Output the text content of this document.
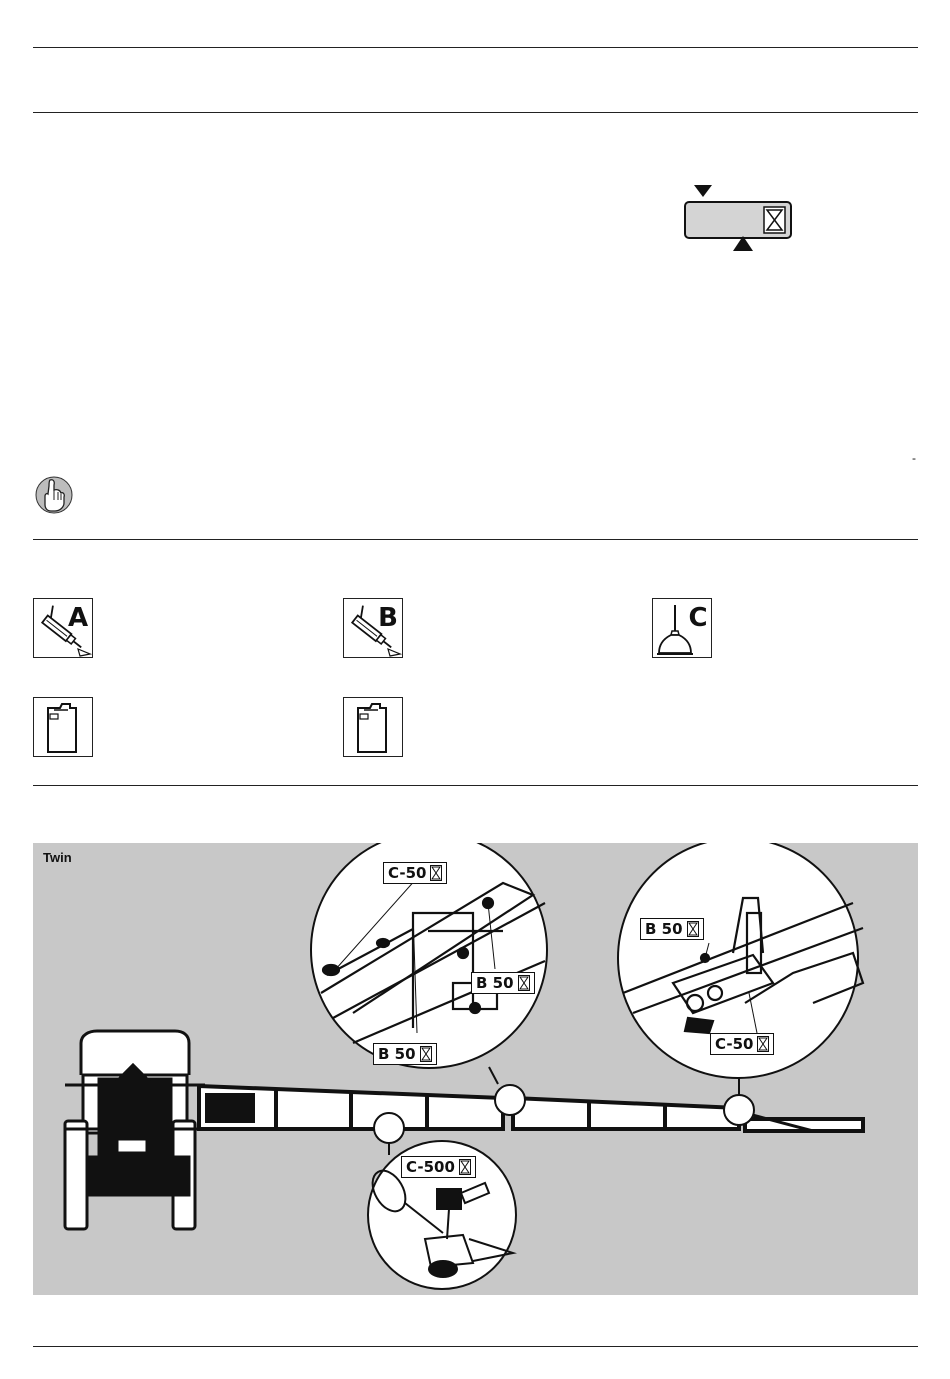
-
A	B	C
Twin
C-50
B 50
B 50
B 50
C-50
C-500
